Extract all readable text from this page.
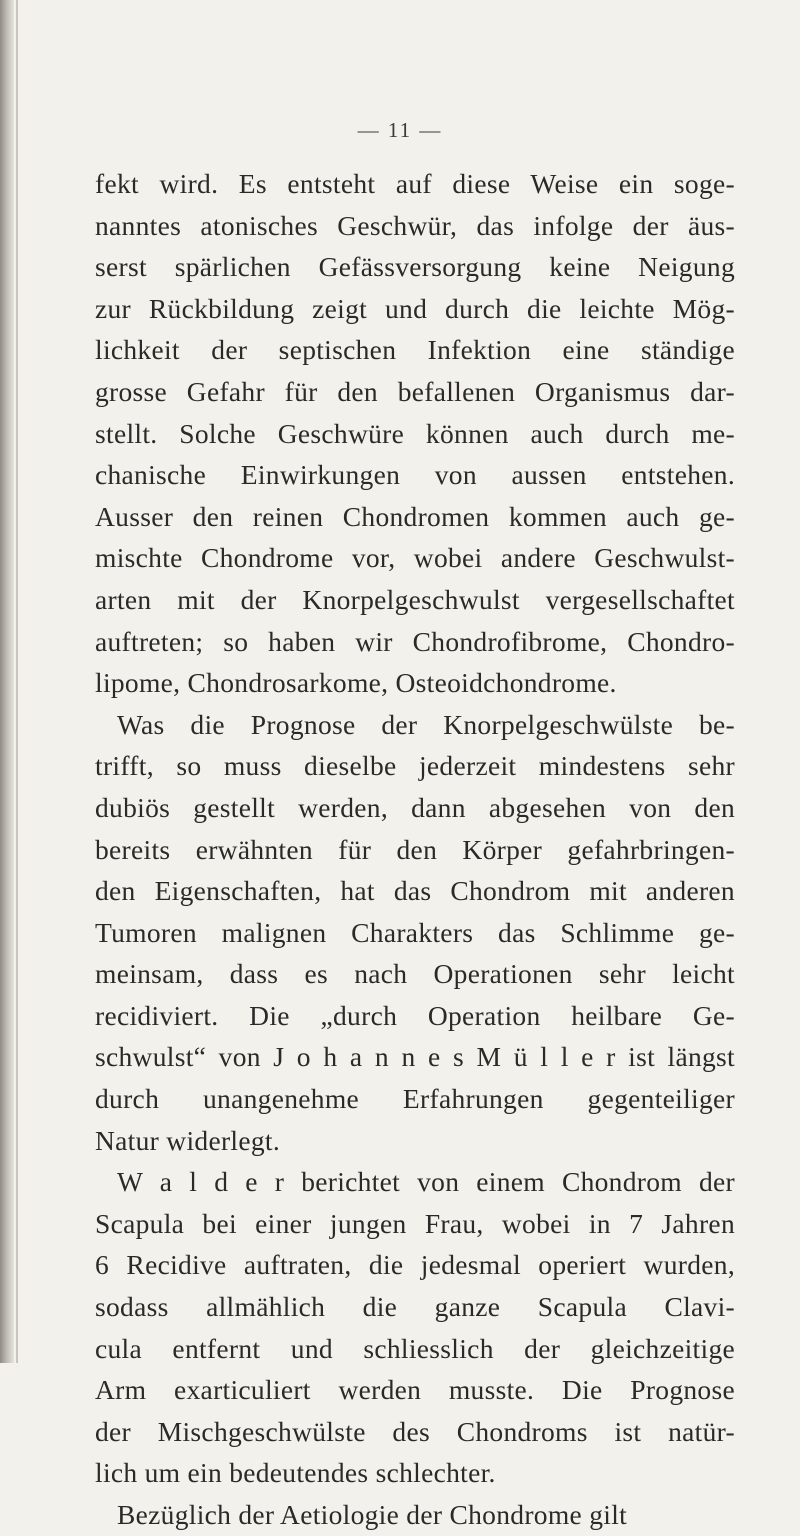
— 11 —
fekt wird. Es entsteht auf diese Weise ein soge-
nanntes atonisches Geschwür, das infolge der äus-
serst spärlichen Gefässversorgung keine Neigung
zur Rückbildung zeigt und durch die leichte Mög-
lichkeit der septischen Infektion eine ständige
grosse Gefahr für den befallenen Organismus dar-
stellt. Solche Geschwüre können auch durch me-
chanische Einwirkungen von aussen entstehen.
Ausser den reinen Chondromen kommen auch ge-
mischte Chondrome vor, wobei andere Geschwulst-
arten mit der Knorpelgeschwulst vergesellschaftet
auftreten; so haben wir Chondrofibrome, Chondro-
lipome, Chondrosarkome, Osteoidchondrome.
Was die Prognose der Knorpelgeschwülste be-
trifft, so muss dieselbe jederzeit mindestens sehr
dubiös gestellt werden, dann abgesehen von den
bereits erwähnten für den Körper gefahrbringen-
den Eigenschaften, hat das Chondrom mit anderen
Tumoren malignen Charakters das Schlimme ge-
meinsam, dass es nach Operationen sehr leicht
recidiviert. Die „durch Operation heilbare Ge-
schwulst“ von J o h a n n e s M ü l l e r ist längst
durch unangenehme Erfahrungen gegenteiliger
Natur widerlegt.
W a l d e r berichtet von einem Chondrom der
Scapula bei einer jungen Frau, wobei in 7 Jahren
6 Recidive auftraten, die jedesmal operiert wurden,
sodass allmählich die ganze Scapula Clavi-
cula entfernt und schliesslich der gleichzeitige
Arm exarticuliert werden musste. Die Prognose
der Mischgeschwülste des Chondroms ist natür-
lich um ein bedeutendes schlechter.
Bezüglich der Aetiologie der Chondrome gilt
